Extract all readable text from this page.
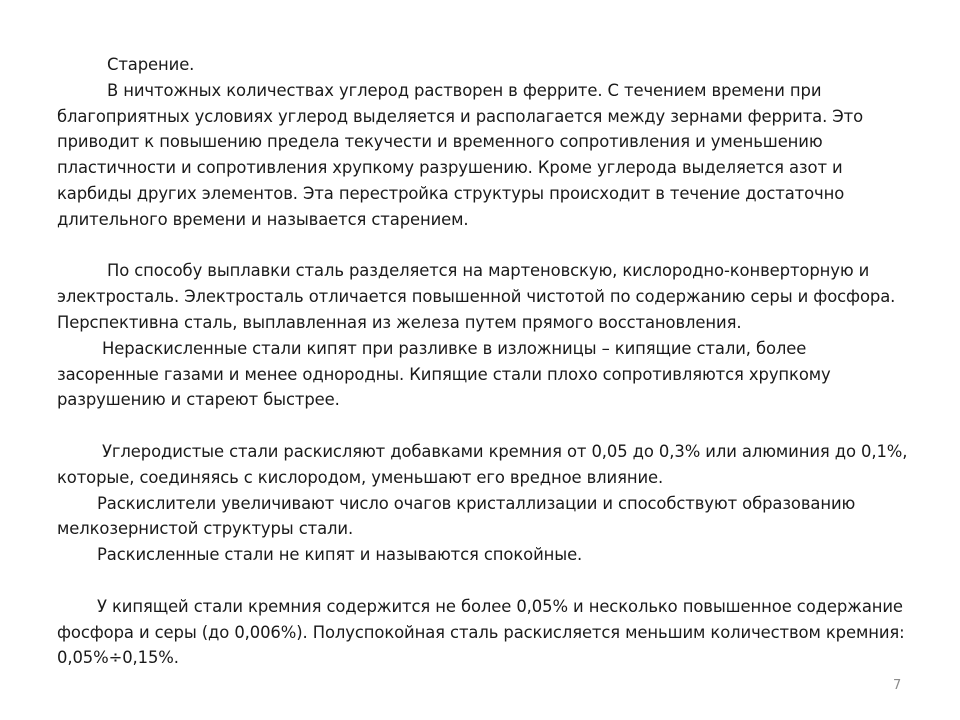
Старение.
В ничтожных количествах углерод растворен в феррите. С течением времени при
благоприятных условиях углерод выделяется и располагается между зернами феррита. Это
приводит к повышению предела текучести и временного сопротивления и уменьшению
пластичности и сопротивления хрупкому разрушению. Кроме углерода выделяется азот и
карбиды других элементов. Эта перестройка структуры происходит в течение достаточно
длительного времени и называется старением.
По способу выплавки сталь разделяется на мартеновскую, кислородно-конверторную и
электросталь. Электросталь отличается повышенной чистотой по содержанию серы и фосфора.
Перспективна сталь, выплавленная из железа путем прямого восстановления.
Нераскисленные стали кипят при разливке в изложницы – кипящие стали, более
засоренные газами и менее однородны. Кипящие стали плохо сопротивляются хрупкому
разрушению и стареют быстрее.
Углеродистые стали раскисляют добавками кремния от 0,05 до 0,3% или алюминия до 0,1%,
которые, соединяясь с кислородом, уменьшают его вредное влияние.
Раскислители увеличивают число очагов кристаллизации и способствуют образованию
мелкозернистой структуры стали.
Раскисленные стали не кипят и называются спокойные.
У кипящей стали кремния содержится не более 0,05% и несколько повышенное содержание
фосфора и серы (до 0,006%). Полуспокойная сталь раскисляется меньшим количеством кремния:
0,05%÷0,15%.
7
